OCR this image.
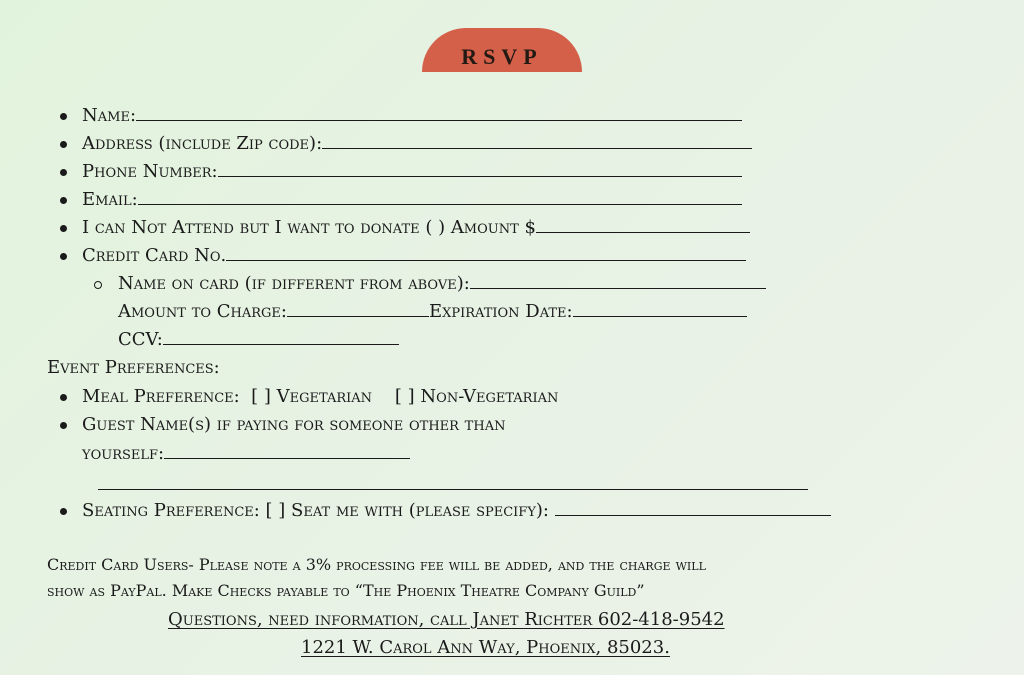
RSVP
Name:
Address (include Zip code):
Phone Number:
Email:
I can Not Attend but I want to donate ( ) Amount $
Credit Card No.
Name on card (if different from above):
Amount to Charge:	Expiration Date:
CCV:
Event Preferences:
Meal Preference:  [ ] Vegetarian    [ ] Non-Vegetarian
Guest Name(s) if paying for someone other than
yourself:
Seating Preference: [ ] Seat me with (please specify):
Credit Card Users- Please note a 3% processing fee will be added, and the charge will
show as PayPal. Make Checks payable to “The Phoenix Theatre Company Guild”
Questions, need information, call Janet Richter 602-418-9542
1221 W. Carol Ann Way, Phoenix, 85023.
